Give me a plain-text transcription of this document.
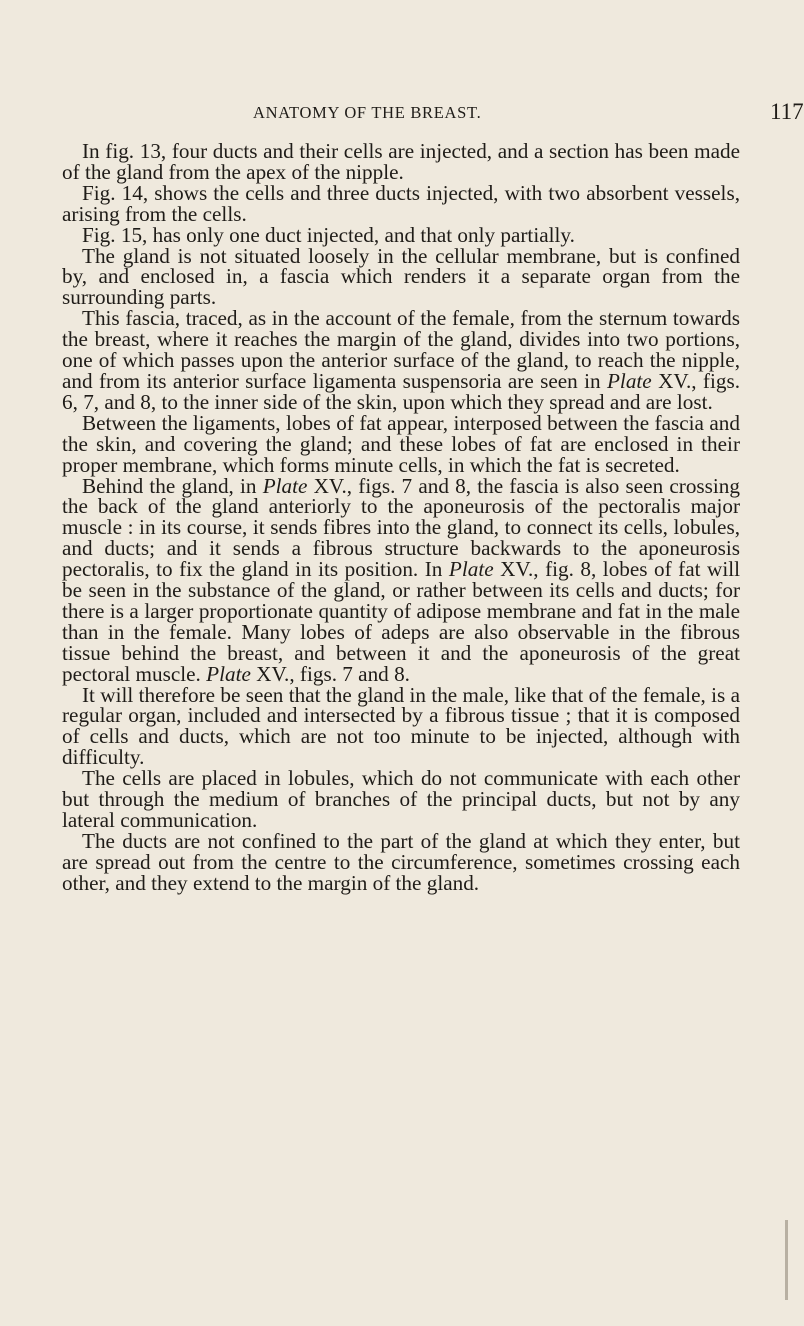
ANATOMY OF THE BREAST.	117

In fig. 13, four ducts and their cells are injected, and a section has been made of the gland from the apex of the nipple.

Fig. 14, shows the cells and three ducts injected, with two absorbent vessels, arising from the cells.

Fig. 15, has only one duct injected, and that only partially.

The gland is not situated loosely in the cellular membrane, but is confined by, and enclosed in, a fascia which renders it a separate organ from the surrounding parts.

This fascia, traced, as in the account of the female, from the sternum towards the breast, where it reaches the margin of the gland, divides into two portions, one of which passes upon the anterior surface of the gland, to reach the nipple, and from its anterior surface ligamenta suspensoria are seen in Plate XV., figs. 6, 7, and 8, to the inner side of the skin, upon which they spread and are lost.

Between the ligaments, lobes of fat appear, interposed between the fascia and the skin, and covering the gland; and these lobes of fat are enclosed in their proper membrane, which forms minute cells, in which the fat is secreted.

Behind the gland, in Plate XV., figs. 7 and 8, the fascia is also seen crossing the back of the gland anteriorly to the aponeurosis of the pectoralis major muscle : in its course, it sends fibres into the gland, to connect its cells, lobules, and ducts; and it sends a fibrous structure backwards to the aponeurosis pectoralis, to fix the gland in its position. In Plate XV., fig. 8, lobes of fat will be seen in the substance of the gland, or rather between its cells and ducts; for there is a larger proportionate quantity of adipose membrane and fat in the male than in the female. Many lobes of adeps are also observable in the fibrous tissue behind the breast, and between it and the aponeurosis of the great pectoral muscle. Plate XV., figs. 7 and 8.

It will therefore be seen that the gland in the male, like that of the female, is a regular organ, included and intersected by a fibrous tissue ; that it is composed of cells and ducts, which are not too minute to be injected, although with difficulty.

The cells are placed in lobules, which do not communicate with each other but through the medium of branches of the principal ducts, but not by any lateral communication.

The ducts are not confined to the part of the gland at which they enter, but are spread out from the centre to the circumference, sometimes crossing each other, and they extend to the margin of the gland.
